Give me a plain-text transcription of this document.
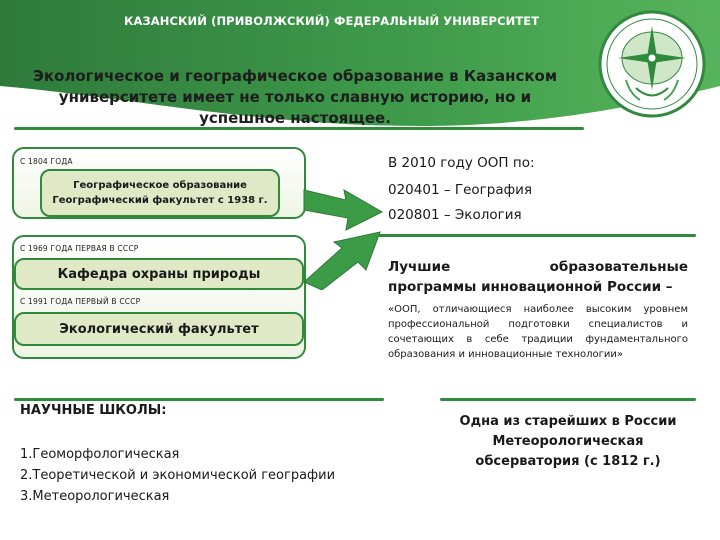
КАЗАНСКИЙ (ПРИВОЛЖСКИЙ) ФЕДЕРАЛЬНЫЙ УНИВЕРСИТЕТ
Экологическое и географическое образование в Казанском университете имеет не только славную историю, но и успешное настоящее.
С 1804 ГОДА
Географическое образование
Географический факультет с 1938 г.
С 1969 ГОДА ПЕРВАЯ В СССР
Кафедра охраны природы
С 1991 ГОДА ПЕРВЫЙ В СССР
Экологический факультет
В 2010 году ООП по:
020401 – География
020801 – Экология
Лучшие образовательные
программы инновационной России –
«ООП, отличающиеся наиболее высоким уровнем профессиональной подготовки специалистов и сочетающих в себе традиции фундаментального образования и инновационные технологии»
НАУЧНЫЕ ШКОЛЫ:
1.Геоморфологическая
2.Теоретической и экономической географии
3.Метеорологическая
Одна из старейших в России Метеорологическая обсерватория (с 1812 г.)
